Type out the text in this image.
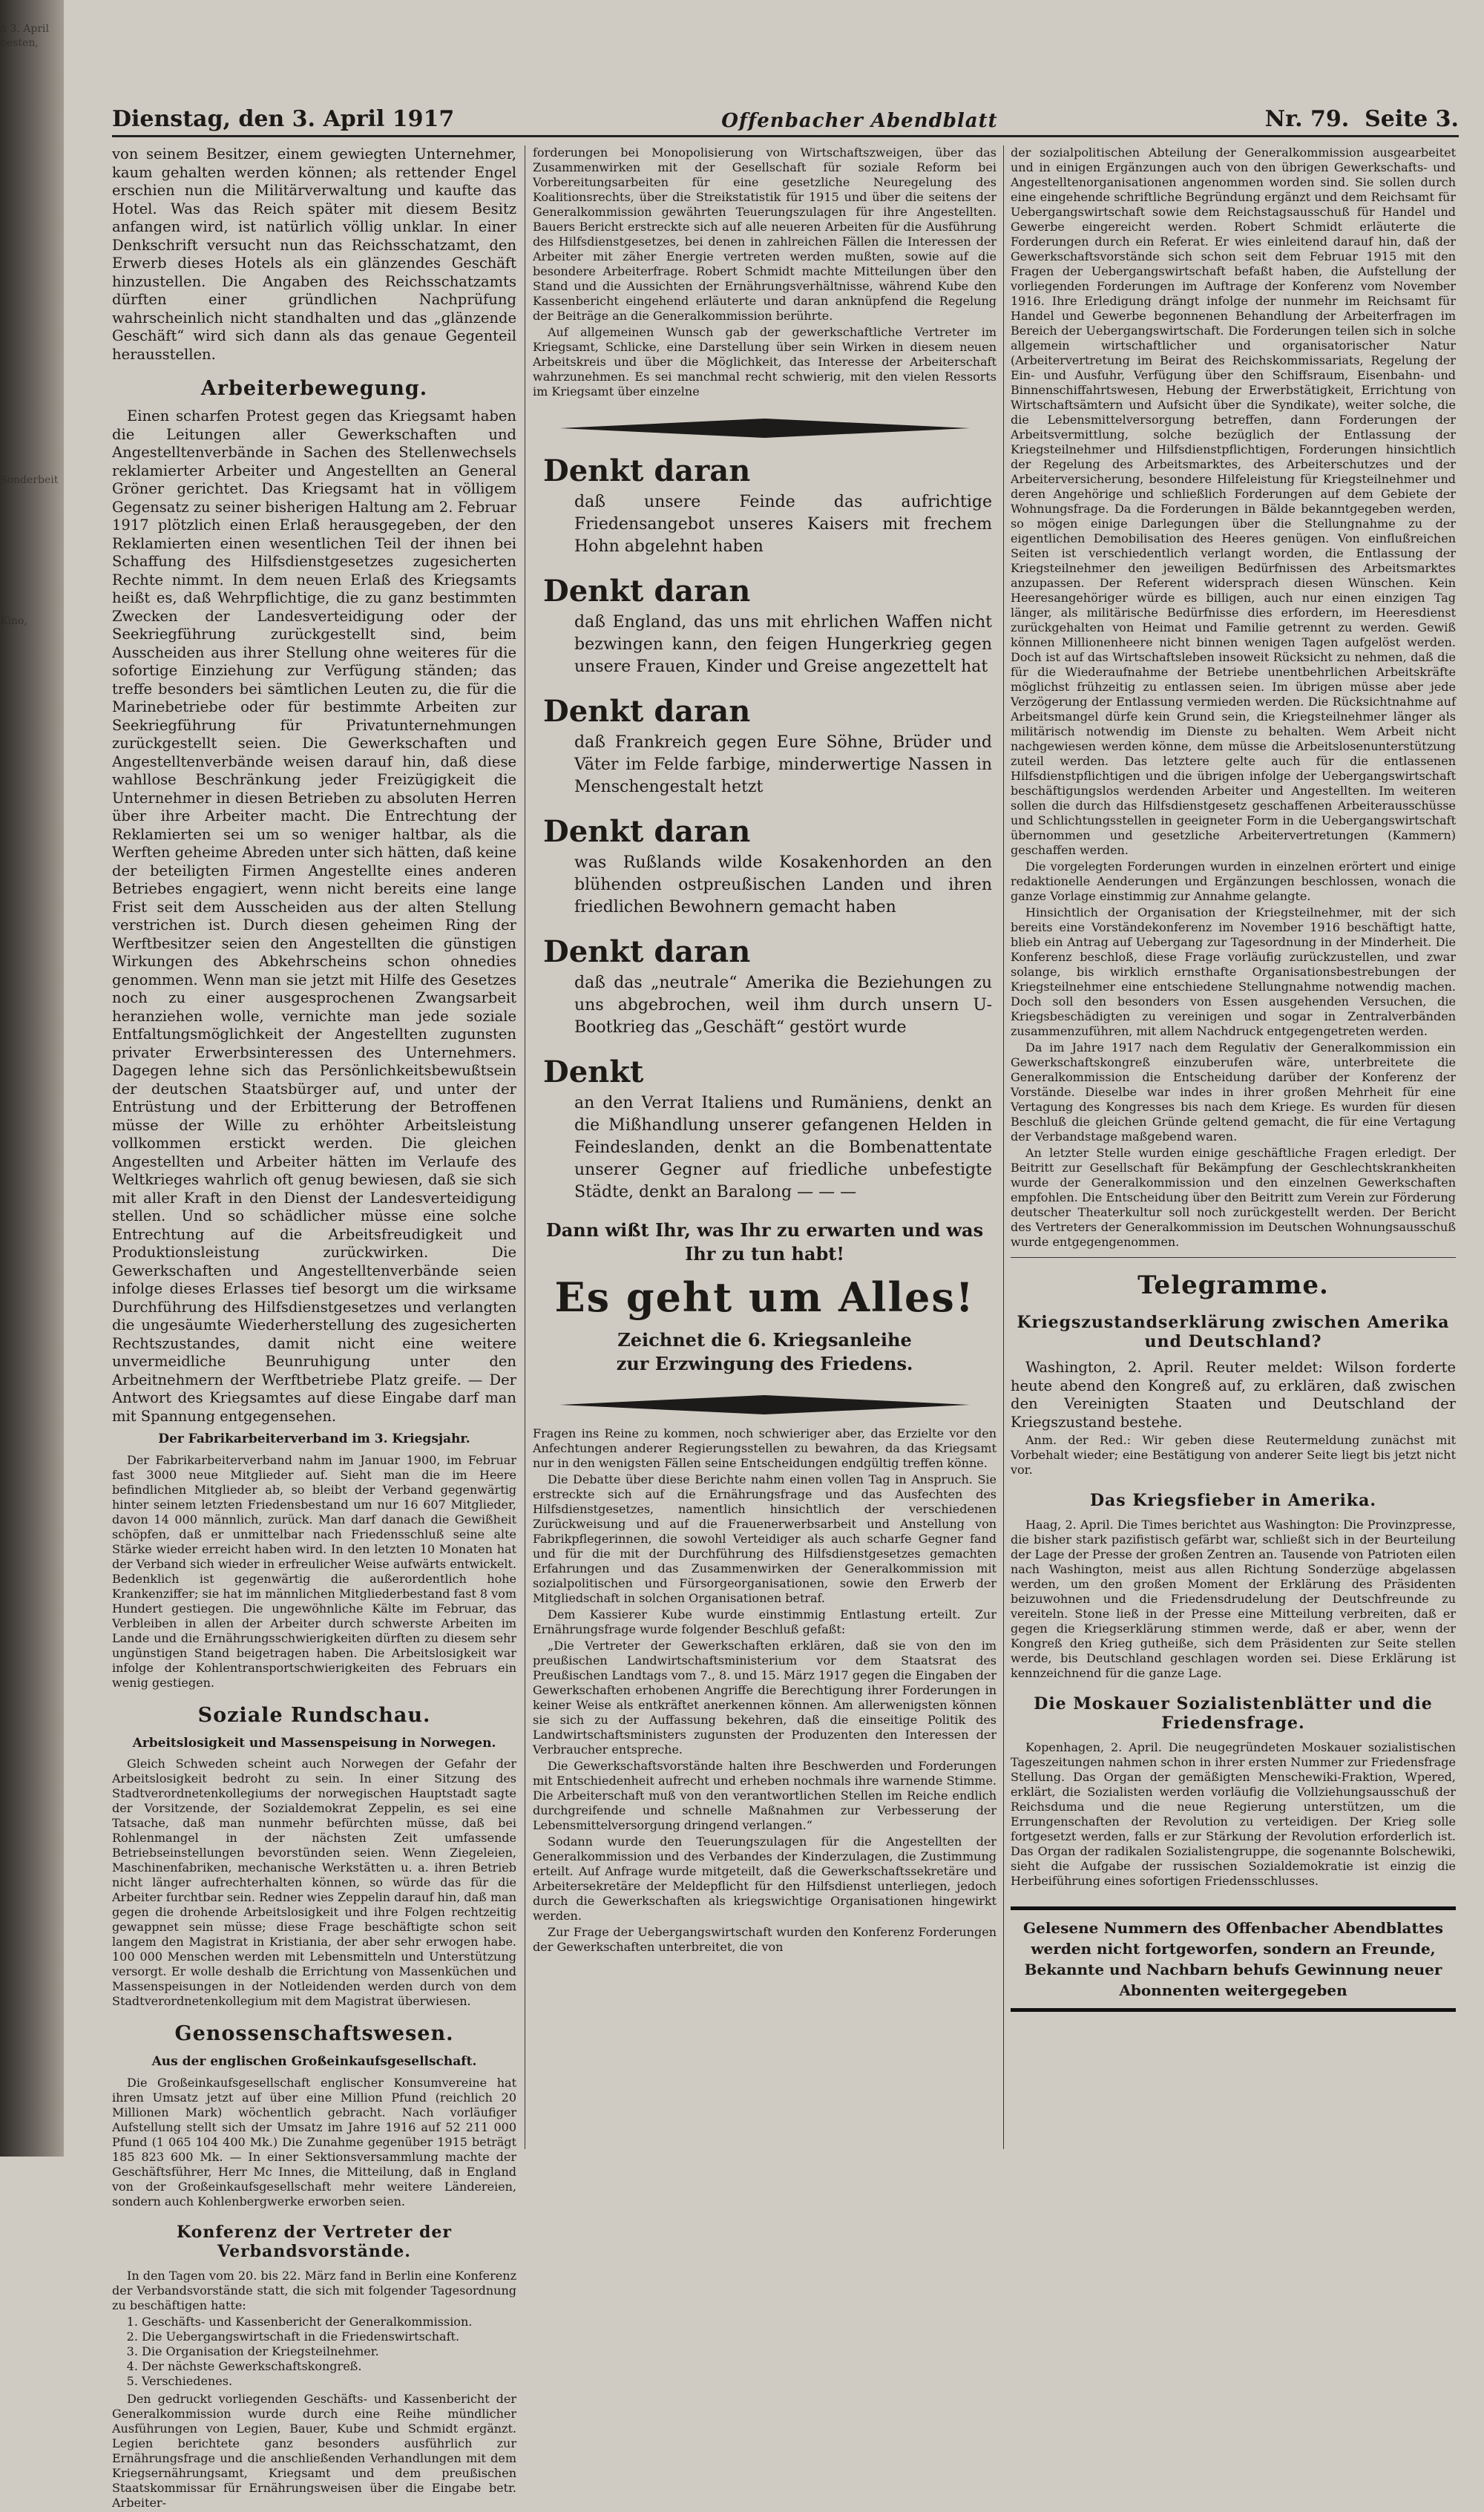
n 3. April
besten,

Sonderbeit

Kino,

Dienstag, den 3. April 1917	Offenbacher Abendblatt	Nr. 79. Seite 3.

von seinem Besitzer, einem gewiegten Unternehmer, kaum gehalten werden können; als rettender Engel erschien nun die Militärverwaltung und kaufte das Hotel. Was das Reich später mit diesem Besitz anfangen wird, ist natürlich völlig unklar. In einer Denkschrift versucht nun das Reichsschatzamt, den Erwerb dieses Hotels als ein glänzendes Geschäft hinzustellen. Die Angaben des Reichsschatzamts dürften einer gründlichen Nachprüfung wahrscheinlich nicht standhalten und das „glänzende Geschäft“ wird sich dann als das genaue Gegenteil herausstellen.

Arbeiterbewegung.

Einen scharfen Protest gegen das Kriegsamt haben die Leitungen aller Gewerkschaften und Angestelltenverbände in Sachen des Stellenwechsels reklamierter Arbeiter und Angestellten an General Gröner gerichtet. Das Kriegsamt hat in völligem Gegensatz zu seiner bisherigen Haltung am 2. Februar 1917 plötzlich einen Erlaß herausgegeben, der den Reklamierten einen wesentlichen Teil der ihnen bei Schaffung des Hilfsdienstgesetzes zugesicherten Rechte nimmt. In dem neuen Erlaß des Kriegsamts heißt es, daß Wehrpflichtige, die zu ganz bestimmten Zwecken der Landesverteidigung oder der Seekriegführung zurückgestellt sind, beim Ausscheiden aus ihrer Stellung ohne weiteres für die sofortige Einziehung zur Verfügung ständen; das treffe besonders bei sämtlichen Leuten zu, die für die Marinebetriebe oder für bestimmte Arbeiten zur Seekriegführung für Privatunternehmungen zurückgestellt seien. Die Gewerkschaften und Angestelltenverbände weisen darauf hin, daß diese wahllose Beschränkung jeder Freizügigkeit die Unternehmer in diesen Betrieben zu absoluten Herren über ihre Arbeiter macht. Die Entrechtung der Reklamierten sei um so weniger haltbar, als die Werften geheime Abreden unter sich hätten, daß keine der beteiligten Firmen Angestellte eines anderen Betriebes engagiert, wenn nicht bereits eine lange Frist seit dem Ausscheiden aus der alten Stellung verstrichen ist. Durch diesen geheimen Ring der Werftbesitzer seien den Angestellten die günstigen Wirkungen des Abkehrscheins schon ohnedies genommen. Wenn man sie jetzt mit Hilfe des Gesetzes noch zu einer ausgesprochenen Zwangsarbeit heranziehen wolle, vernichte man jede soziale Entfaltungsmöglichkeit der Angestellten zugunsten privater Erwerbsinteressen des Unternehmers. Dagegen lehne sich das Persönlichkeitsbewußtsein der deutschen Staatsbürger auf, und unter der Entrüstung und der Erbitterung der Betroffenen müsse der Wille zu erhöhter Arbeitsleistung vollkommen erstickt werden. Die gleichen Angestellten und Arbeiter hätten im Verlaufe des Weltkrieges wahrlich oft genug bewiesen, daß sie sich mit aller Kraft in den Dienst der Landesverteidigung stellen. Und so schädlicher müsse eine solche Entrechtung auf die Arbeitsfreudigkeit und Produktionsleistung zurückwirken. Die Gewerkschaften und Angestelltenverbände seien infolge dieses Erlasses tief besorgt um die wirksame Durchführung des Hilfsdienstgesetzes und verlangten die ungesäumte Wiederherstellung des zugesicherten Rechtszustandes, damit nicht eine weitere unvermeidliche Beunruhigung unter den Arbeitnehmern der Werftbetriebe Platz greife. — Der Antwort des Kriegsamtes auf diese Eingabe darf man mit Spannung entgegensehen.

Der Fabrikarbeiterverband im 3. Kriegsjahr.

Der Fabrikarbeiterverband nahm im Januar 1900, im Februar fast 3000 neue Mitglieder auf. Sieht man die im Heere befindlichen Mitglieder ab, so bleibt der Verband gegenwärtig hinter seinem letzten Friedensbestand um nur 16 607 Mitglieder, davon 14 000 männlich, zurück. Man darf danach die Gewißheit schöpfen, daß er unmittelbar nach Friedensschluß seine alte Stärke wieder erreicht haben wird. In den letzten 10 Monaten hat der Verband sich wieder in erfreulicher Weise aufwärts entwickelt. Bedenklich ist gegenwärtig die außerordentlich hohe Krankenziffer; sie hat im männlichen Mitgliederbestand fast 8 vom Hundert gestiegen. Die ungewöhnliche Kälte im Februar, das Verbleiben in allen der Arbeiter durch schwerste Arbeiten im Lande und die Ernährungsschwierigkeiten dürften zu diesem sehr ungünstigen Stand beigetragen haben. Die Arbeitslosigkeit war infolge der Kohlentransportschwierigkeiten des Februars ein wenig gestiegen.

Soziale Rundschau.
Arbeitslosigkeit und Massenspeisung in Norwegen.

Gleich Schweden scheint auch Norwegen der Gefahr der Arbeitslosigkeit bedroht zu sein. In einer Sitzung des Stadtverordnetenkollegiums der norwegischen Hauptstadt sagte der Vorsitzende, der Sozialdemokrat Zeppelin, es sei eine Tatsache, daß man nunmehr befürchten müsse, daß bei Rohlenmangel in der nächsten Zeit umfassende Betriebseinstellungen bevorstünden seien. Wenn Ziegeleien, Maschinenfabriken, mechanische Werkstätten u. a. ihren Betrieb nicht länger aufrechterhalten können, so würde das für die Arbeiter furchtbar sein. Redner wies Zeppelin darauf hin, daß man gegen die drohende Arbeitslosigkeit und ihre Folgen rechtzeitig gewappnet sein müsse; diese Frage beschäftigte schon seit langem den Magistrat in Kristiania, der aber sehr erwogen habe. 100 000 Menschen werden mit Lebensmitteln und Unterstützung versorgt. Er wolle deshalb die Errichtung von Massenküchen und Massenspeisungen in der Notleidenden werden durch von dem Stadtverordnetenkollegium mit dem Magistrat überwiesen.

Genossenschaftswesen.
Aus der englischen Großeinkaufsgesellschaft.

Die Großeinkaufsgesellschaft englischer Konsumvereine hat ihren Umsatz jetzt auf über eine Million Pfund (reichlich 20 Millionen Mark) wöchentlich gebracht. Nach vorläufiger Aufstellung stellt sich der Umsatz im Jahre 1916 auf 52 211 000 Pfund (1 065 104 400 Mk.) Die Zunahme gegenüber 1915 beträgt 185 823 600 Mk. — In einer Sektionsversammlung machte der Geschäftsführer, Herr Mc Innes, die Mitteilung, daß in England von der Großeinkaufsgesellschaft mehr weitere Ländereien, sondern auch Kohlenbergwerke erworben seien.

Konferenz der Vertreter der Verbandsvorstände.

In den Tagen vom 20. bis 22. März fand in Berlin eine Konferenz der Verbandsvorstände statt, die sich mit folgender Tagesordnung zu beschäftigen hatte:

1. Geschäfts- und Kassenbericht der Generalkommission.
2. Die Uebergangswirtschaft in die Friedenswirtschaft.
3. Die Organisation der Kriegsteilnehmer.
4. Der nächste Gewerkschaftskongreß.
5. Verschiedenes.

Den gedruckt vorliegenden Geschäfts- und Kassenbericht der Generalkommission wurde durch eine Reihe mündlicher Ausführungen von Legien, Bauer, Kube und Schmidt ergänzt. Legien berichtete ganz besonders ausführlich zur Ernährungsfrage und die anschließenden Verhandlungen mit dem Kriegsernährungsamt, Kriegsamt und dem preußischen Staatskommissar für Ernährungsweisen über die Eingabe betr. Arbeiter-

forderungen bei Monopolisierung von Wirtschaftszweigen, über das Zusammenwirken mit der Gesellschaft für soziale Reform bei Vorbereitungsarbeiten für eine gesetzliche Neuregelung des Koalitionsrechts, über die Streikstatistik für 1915 und über die seitens der Generalkommission gewährten Teuerungszulagen für ihre Angestellten. Bauers Bericht erstreckte sich auf alle neueren Arbeiten für die Ausführung des Hilfsdienstgesetzes, bei denen in zahlreichen Fällen die Interessen der Arbeiter mit zäher Energie vertreten werden mußten, sowie auf die besondere Arbeiterfrage. Robert Schmidt machte Mitteilungen über den Stand und die Aussichten der Ernährungsverhältnisse, während Kube den Kassenbericht eingehend erläuterte und daran anknüpfend die Regelung der Beiträge an die Generalkommission berührte.

Auf allgemeinen Wunsch gab der gewerkschaftliche Vertreter im Kriegsamt, Schlicke, eine Darstellung über sein Wirken in diesem neuen Arbeitskreis und über die Möglichkeit, das Interesse der Arbeiterschaft wahrzunehmen. Es sei manchmal recht schwierig, mit den vielen Ressorts im Kriegsamt über einzelne

Denkt daran
daß unsere Feinde das aufrichtige Friedensangebot unseres Kaisers mit frechem Hohn abgelehnt haben
Denkt daran
daß England, das uns mit ehrlichen Waffen nicht bezwingen kann, den feigen Hungerkrieg gegen unsere Frauen, Kinder und Greise angezettelt hat
Denkt daran
daß Frankreich gegen Eure Söhne, Brüder und Väter im Felde farbige, minderwertige Nassen in Menschengestalt hetzt
Denkt daran
was Rußlands wilde Kosakenhorden an den blühenden ostpreußischen Landen und ihren friedlichen Bewohnern gemacht haben
Denkt daran
daß das „neutrale“ Amerika die Beziehungen zu uns abgebrochen, weil ihm durch unsern U-Bootkrieg das „Geschäft“ gestört wurde
Denkt
an den Verrat Italiens und Rumäniens, denkt an die Mißhandlung unserer gefangenen Helden in Feindeslanden, denkt an die Bombenattentate unserer Gegner auf friedliche unbefestigte Städte, denkt an Baralong — — —
Dann wißt Ihr, was Ihr zu erwarten und was Ihr zu tun habt!
Es geht um Alles!
Zeichnet die 6. Kriegsanleihe
zur Erzwingung des Friedens.

Fragen ins Reine zu kommen, noch schwieriger aber, das Erzielte vor den Anfechtungen anderer Regierungsstellen zu bewahren, da das Kriegsamt nur in den wenigsten Fällen seine Entscheidungen endgültig treffen könne.

Die Debatte über diese Berichte nahm einen vollen Tag in Anspruch. Sie erstreckte sich auf die Ernährungsfrage und das Ausfechten des Hilfsdienstgesetzes, namentlich hinsichtlich der verschiedenen Zurückweisung und auf die Frauenerwerbsarbeit und Anstellung von Fabrikpflegerinnen, die sowohl Verteidiger als auch scharfe Gegner fand und für die mit der Durchführung des Hilfsdienstgesetzes gemachten Erfahrungen und das Zusammenwirken der Generalkommission mit sozialpolitischen und Fürsorgeorganisationen, sowie den Erwerb der Mitgliedschaft in solchen Organisationen betraf.

Dem Kassierer Kube wurde einstimmig Entlastung erteilt. Zur Ernährungsfrage wurde folgender Beschluß gefaßt:

„Die Vertreter der Gewerkschaften erklären, daß sie von den im preußischen Landwirtschaftsministerium vor dem Staatsrat des Preußischen Landtags vom 7., 8. und 15. März 1917 gegen die Eingaben der Gewerkschaften erhobenen Angriffe die Berechtigung ihrer Forderungen in keiner Weise als entkräftet anerkennen können. Am allerwenigsten können sie sich zu der Auffassung bekehren, daß die einseitige Politik des Landwirtschaftsministers zugunsten der Produzenten den Interessen der Verbraucher entspreche.

Die Gewerkschaftsvorstände halten ihre Beschwerden und Forderungen mit Entschiedenheit aufrecht und erheben nochmals ihre warnende Stimme. Die Arbeiterschaft muß von den verantwortlichen Stellen im Reiche endlich durchgreifende und schnelle Maßnahmen zur Verbesserung der Lebensmittelversorgung dringend verlangen.“

Sodann wurde den Teuerungszulagen für die Angestellten der Generalkommission und des Verbandes der Kinderzulagen, die Zustimmung erteilt. Auf Anfrage wurde mitgeteilt, daß die Gewerkschaftssekretäre und Arbeitersekretäre der Meldepflicht für den Hilfsdienst unterliegen, jedoch durch die Gewerkschaften als kriegswichtige Organisationen hingewirkt werden.

Zur Frage der Uebergangswirtschaft wurden den Konferenz Forderungen der Gewerkschaften unterbreitet, die von

der sozialpolitischen Abteilung der Generalkommission ausgearbeitet und in einigen Ergänzungen auch von den übrigen Gewerkschafts- und Angestelltenorganisationen angenommen worden sind. Sie sollen durch eine eingehende schriftliche Begründung ergänzt und dem Reichsamt für Uebergangswirtschaft sowie dem Reichstagsausschuß für Handel und Gewerbe eingereicht werden. Robert Schmidt erläuterte die Forderungen durch ein Referat. Er wies einleitend darauf hin, daß der Gewerkschaftsvorstände sich schon seit dem Februar 1915 mit den Fragen der Uebergangswirtschaft befaßt haben, die Aufstellung der vorliegenden Forderungen im Auftrage der Konferenz vom November 1916. Ihre Erledigung drängt infolge der nunmehr im Reichsamt für Handel und Gewerbe begonnenen Behandlung der Arbeiterfragen im Bereich der Uebergangswirtschaft. Die Forderungen teilen sich in solche allgemein wirtschaftlicher und organisatorischer Natur (Arbeitervertretung im Beirat des Reichskommissariats, Regelung der Ein- und Ausfuhr, Verfügung über den Schiffsraum, Eisenbahn- und Binnenschiffahrtswesen, Hebung der Erwerbstätigkeit, Errichtung von Wirtschaftsämtern und Aufsicht über die Syndikate), weiter solche, die die Lebensmittelversorgung betreffen, dann Forderungen der Arbeitsvermittlung, solche bezüglich der Entlassung der Kriegsteilnehmer und Hilfsdienstpflichtigen, Forderungen hinsichtlich der Regelung des Arbeitsmarktes, des Arbeiterschutzes und der Arbeiterversicherung, besondere Hilfeleistung für Kriegsteilnehmer und deren Angehörige und schließlich Forderungen auf dem Gebiete der Wohnungsfrage. Da die Forderungen in Bälde bekanntgegeben werden, so mögen einige Darlegungen über die Stellungnahme zu der eigentlichen Demobilisation des Heeres genügen. Von einflußreichen Seiten ist verschiedentlich verlangt worden, die Entlassung der Kriegsteilnehmer den jeweiligen Bedürfnissen des Arbeitsmarktes anzupassen. Der Referent widersprach diesen Wünschen. Kein Heeresangehöriger würde es billigen, auch nur einen einzigen Tag länger, als militärische Bedürfnisse dies erfordern, im Heeresdienst zurückgehalten von Heimat und Familie getrennt zu werden. Gewiß können Millionenheere nicht binnen wenigen Tagen aufgelöst werden. Doch ist auf das Wirtschaftsleben insoweit Rücksicht zu nehmen, daß die für die Wiederaufnahme der Betriebe unentbehrlichen Arbeitskräfte möglichst frühzeitig zu entlassen seien. Im übrigen müsse aber jede Verzögerung der Entlassung vermieden werden. Die Rücksichtnahme auf Arbeitsmangel dürfe kein Grund sein, die Kriegsteilnehmer länger als militärisch notwendig im Dienste zu behalten. Wem Arbeit nicht nachgewiesen werden könne, dem müsse die Arbeitslosenunterstützung zuteil werden. Das letztere gelte auch für die entlassenen Hilfsdienstpflichtigen und die übrigen infolge der Uebergangswirtschaft beschäftigungslos werdenden Arbeiter und Angestellten. Im weiteren sollen die durch das Hilfsdienstgesetz geschaffenen Arbeiterausschüsse und Schlichtungsstellen in geeigneter Form in die Uebergangswirtschaft übernommen und gesetzliche Arbeitervertretungen (Kammern) geschaffen werden.

Die vorgelegten Forderungen wurden in einzelnen erörtert und einige redaktionelle Aenderungen und Ergänzungen beschlossen, wonach die ganze Vorlage einstimmig zur Annahme gelangte.

Hinsichtlich der Organisation der Kriegsteilnehmer, mit der sich bereits eine Vorständekonferenz im November 1916 beschäftigt hatte, blieb ein Antrag auf Uebergang zur Tagesordnung in der Minderheit. Die Konferenz beschloß, diese Frage vorläufig zurückzustellen, und zwar solange, bis wirklich ernsthafte Organisationsbestrebungen der Kriegsteilnehmer eine entschiedene Stellungnahme notwendig machen. Doch soll den besonders von Essen ausgehenden Versuchen, die Kriegsbeschädigten zu vereinigen und sogar in Zentralverbänden zusammenzuführen, mit allem Nachdruck entgegengetreten werden.

Da im Jahre 1917 nach dem Regulativ der Generalkommission ein Gewerkschaftskongreß einzuberufen wäre, unterbreitete die Generalkommission die Entscheidung darüber der Konferenz der Vorstände. Dieselbe war indes in ihrer großen Mehrheit für eine Vertagung des Kongresses bis nach dem Kriege. Es wurden für diesen Beschluß die gleichen Gründe geltend gemacht, die für eine Vertagung der Verbandstage maßgebend waren.

An letzter Stelle wurden einige geschäftliche Fragen erledigt. Der Beitritt zur Gesellschaft für Bekämpfung der Geschlechtskrankheiten wurde der Generalkommission und den einzelnen Gewerkschaften empfohlen. Die Entscheidung über den Beitritt zum Verein zur Förderung deutscher Theaterkultur soll noch zurückgestellt werden. Der Bericht des Vertreters der Generalkommission im Deutschen Wohnungsausschuß wurde entgegengenommen.

Telegramme.
Kriegszustandserklärung zwischen Amerika und Deutschland?

Washington, 2. April. Reuter meldet: Wilson forderte heute abend den Kongreß auf, zu erklären, daß zwischen den Vereinigten Staaten und Deutschland der Kriegszustand bestehe.

Anm. der Red.: Wir geben diese Reutermeldung zunächst mit Vorbehalt wieder; eine Bestätigung von anderer Seite liegt bis jetzt nicht vor.

Das Kriegsfieber in Amerika.

Haag, 2. April. Die Times berichtet aus Washington: Die Provinzpresse, die bisher stark pazifistisch gefärbt war, schließt sich in der Beurteilung der Lage der Presse der großen Zentren an. Tausende von Patrioten eilen nach Washington, meist aus allen Richtung Sonderzüge abgelassen werden, um den großen Moment der Erklärung des Präsidenten beizuwohnen und die Friedensdrudelung der Deutschfreunde zu vereiteln. Stone ließ in der Presse eine Mitteilung verbreiten, daß er gegen die Kriegserklärung stimmen werde, daß er aber, wenn der Kongreß den Krieg gutheiße, sich dem Präsidenten zur Seite stellen werde, bis Deutschland geschlagen worden sei. Diese Erklärung ist kennzeichnend für die ganze Lage.

Die Moskauer Sozialistenblätter und die Friedensfrage.

Kopenhagen, 2. April. Die neugegründeten Moskauer sozialistischen Tageszeitungen nahmen schon in ihrer ersten Nummer zur Friedensfrage Stellung. Das Organ der gemäßigten Menschewiki-Fraktion, Wpered, erklärt, die Sozialisten werden vorläufig die Vollziehungsausschuß der Reichsduma und die neue Regierung unterstützen, um die Errungenschaften der Revolution zu verteidigen. Der Krieg solle fortgesetzt werden, falls er zur Stärkung der Revolution erforderlich ist. Das Organ der radikalen Sozialistengruppe, die sogenannte Bolschewiki, sieht die Aufgabe der russischen Sozialdemokratie ist einzig die Herbeiführung eines sofortigen Friedensschlusses.

Gelesene Nummern des Offenbacher Abendblattes werden nicht fortgeworfen, sondern an Freunde, Bekannte und Nachbarn behufs Gewinnung neuer Abonnenten weitergegeben
